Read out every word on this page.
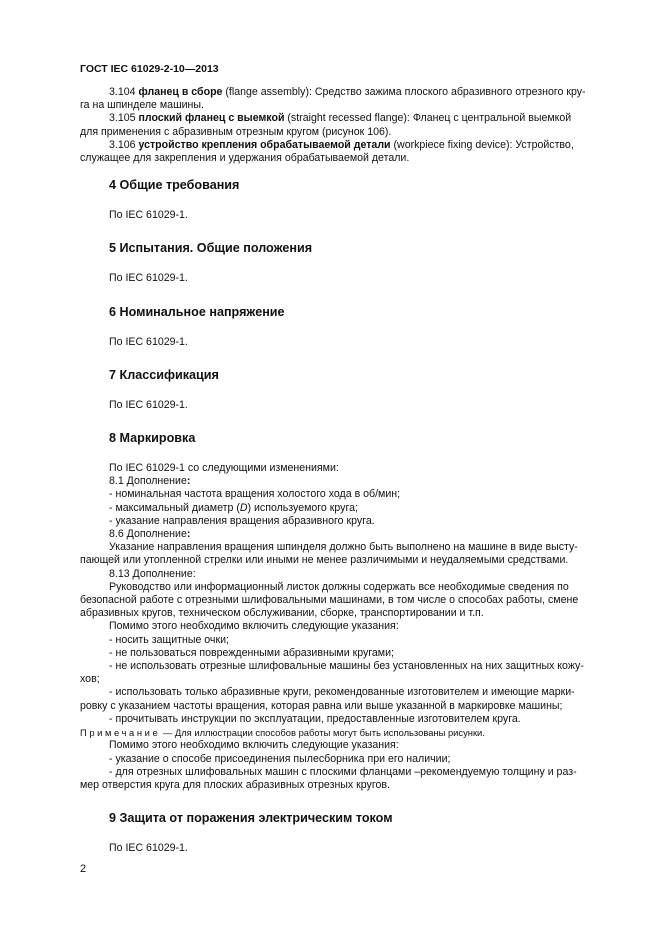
ГОСТ IEC 61029-2-10—2013

3.104 фланец в сборе (flange assembly): Средство зажима плоского абразивного отрезного кру-

га на шпинделе машины.

3.105 плоский фланец с выемкой (straight recessed flange): Фланец с центральной выемкой

для применения с абразивным отрезным кругом (рисунок 106).

3.106 устройство крепления обрабатываемой детали (workpiece fixing device): Устройство,

служащее для закрепления и удержания обрабатываемой детали.

4 Общие требования

По IEC 61029-1.

5 Испытания. Общие положения

По IEC 61029-1.

6 Номинальное напряжение

По IEC 61029-1.

7 Классификация

По IEC 61029-1.

8 Маркировка

По IEC 61029-1 со следующими изменениями:

8.1 Дополнение:

- номинальная частота вращения холостого хода в об/мин;

- максимальный диаметр (D) используемого круга;

- указание направления вращения абразивного круга.

8.6 Дополнение:

Указание направления вращения шпинделя должно быть выполнено на машине в виде высту-

пающей или утопленной стрелки или иными не менее различимыми и неудаляемыми средствами.

8.13 Дополнение:

Руководство или информационный листок должны содержать все необходимые сведения по

безопасной работе с отрезными шлифовальными машинами, в том числе о способах работы, смене

абразивных кругов, техническом обслуживании, сборке, транспортировании и т.п.

Помимо этого необходимо включить следующие указания:

- носить защитные очки;

- не пользоваться поврежденными абразивными кругами;

- не использовать отрезные шлифовальные машины без установленных на них защитных кожу-

хов;

- использовать только абразивные круги, рекомендованные изготовителем и имеющие марки-

ровку с указанием частоты вращения, которая равна или выше указанной в маркировке машины;

- прочитывать инструкции по эксплуатации, предоставленные изготовителем круга.

Примечание — Для иллюстрации способов работы могут быть использованы рисунки.

Помимо этого необходимо включить следующие указания:

- указание о способе присоединения пылесборника при его наличии;

- для отрезных шлифовальных машин с плоскими фланцами –рекомендуемую толщину и раз-

мер отверстия круга для плоских абразивных отрезных кругов.

9 Защита от поражения электрическим током

По IEC 61029-1.

2
